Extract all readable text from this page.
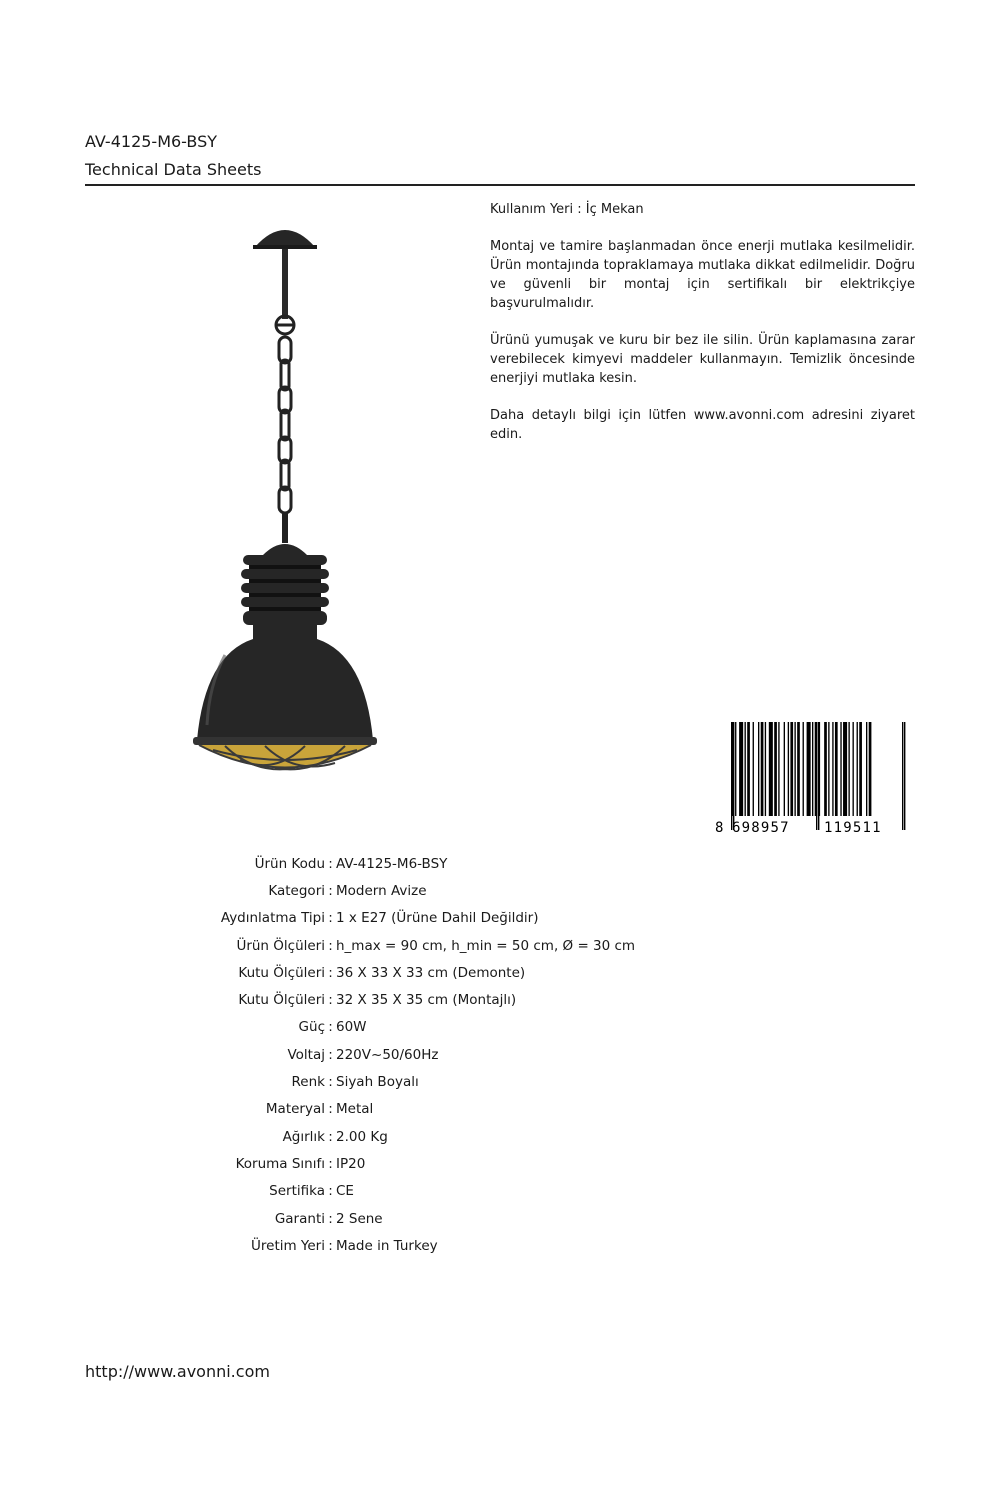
AV-4125-M6-BSY
Technical Data Sheets

Kullanım Yeri : İç Mekan

Montaj ve tamire başlanmadan önce enerji mutlaka kesilmelidir. Ürün montajında topraklamaya mutlaka dikkat edilmelidir. Doğru ve güvenli bir montaj için sertifikalı bir elektrikçiye başvurulmalıdır.

Ürünü yumuşak ve kuru bir bez ile silin. Ürün kaplamasına zarar verebilecek kimyevi maddeler kullanmayın. Temizlik öncesinde enerjiyi mutlaka kesin.

Daha detaylı bilgi için lütfen www.avonni.com adresini ziyaret edin.

8 698957 119511
Ürün Kodu : AV-4125-M6-BSY
Kategori : Modern Avize
Aydınlatma Tipi : 1 x E27 (Ürüne Dahil Değildir)
Ürün Ölçüleri : h_max = 90 cm, h_min = 50 cm, Ø = 30 cm
Kutu Ölçüleri : 36 X 33 X 33 cm (Demonte)
Kutu Ölçüleri : 32 X 35 X 35 cm (Montajlı)
Güç : 60W
Voltaj : 220V~50/60Hz
Renk : Siyah Boyalı
Materyal : Metal
Ağırlık : 2.00 Kg
Koruma Sınıfı : IP20
Sertifika : CE
Garanti : 2 Sene
Üretim Yeri : Made in Turkey
http://www.avonni.com
